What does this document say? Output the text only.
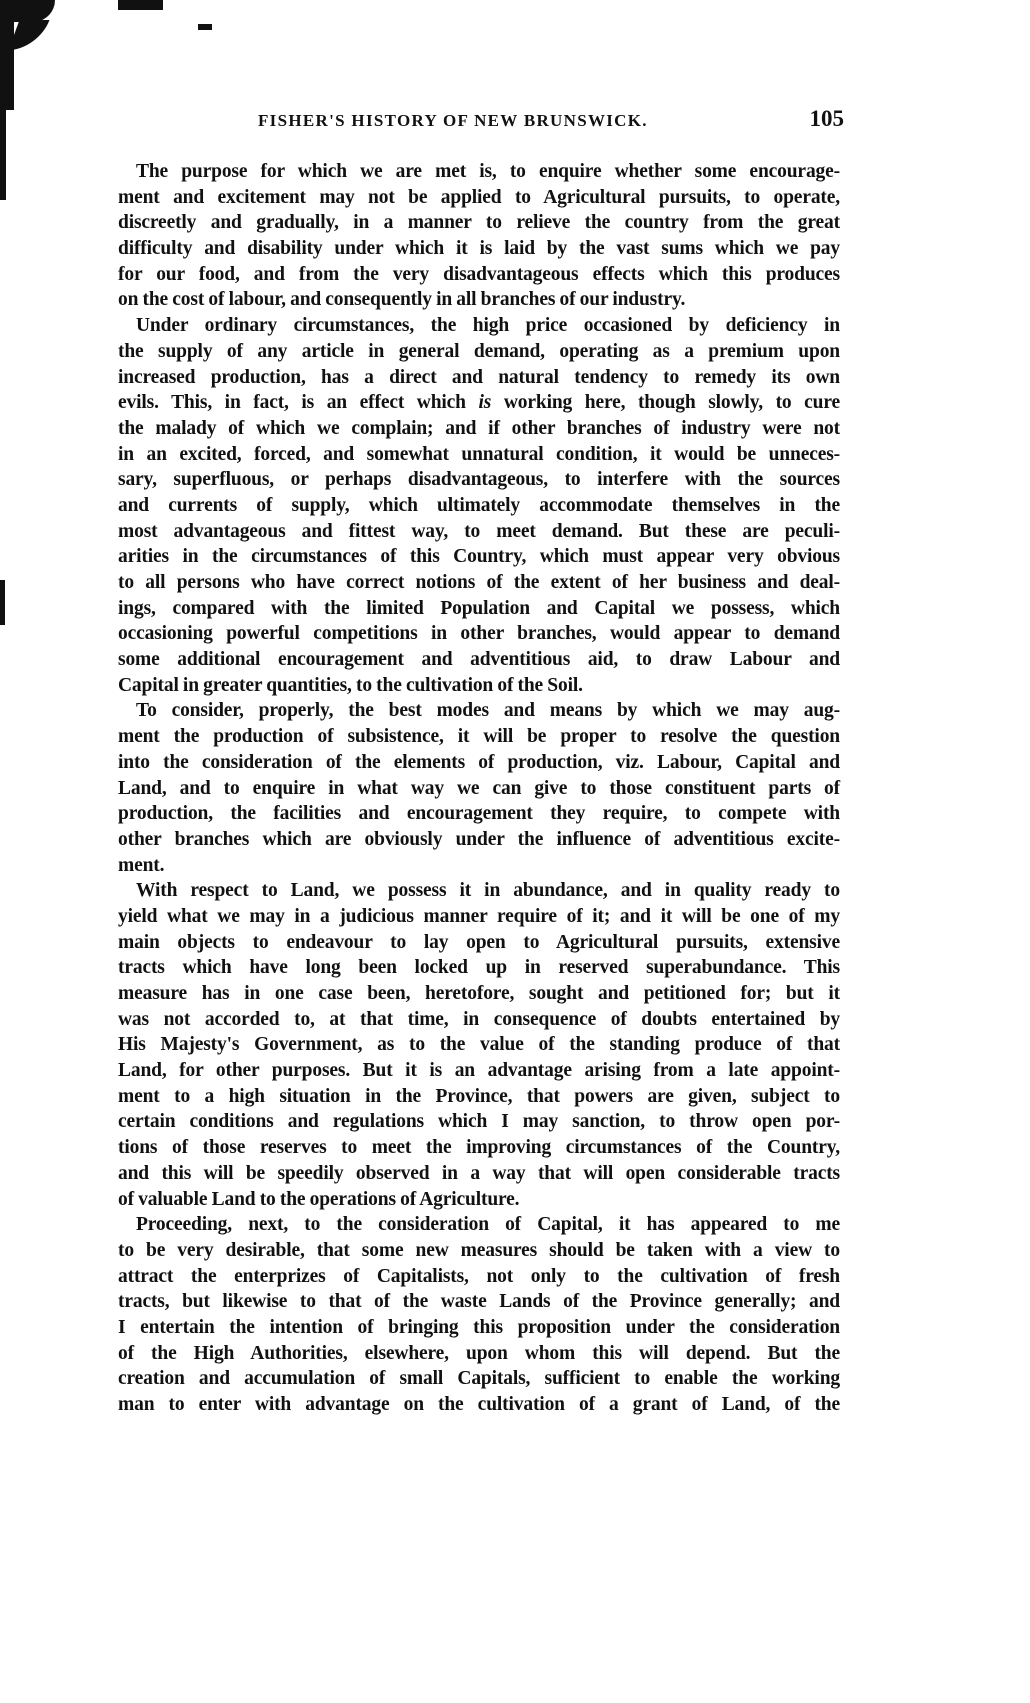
FISHER'S HISTORY OF NEW BRUNSWICK.	105
The purpose for which we are met is, to enquire whether some encourage-
ment and excitement may not be applied to Agricultural pursuits, to operate,
discreetly and gradually, in a manner to relieve the country from the great
difficulty and disability under which it is laid by the vast sums which we pay
for our food, and from the very disadvantageous effects which this produces
on the cost of labour, and consequently in all branches of our industry.
Under ordinary circumstances, the high price occasioned by deficiency in
the supply of any article in general demand, operating as a premium upon
increased production, has a direct and natural tendency to remedy its own
evils. This, in fact, is an effect which is working here, though slowly, to cure
the malady of which we complain; and if other branches of industry were not
in an excited, forced, and somewhat unnatural condition, it would be unneces-
sary, superfluous, or perhaps disadvantageous, to interfere with the sources
and currents of supply, which ultimately accommodate themselves in the
most advantageous and fittest way, to meet demand. But these are peculi-
arities in the circumstances of this Country, which must appear very obvious
to all persons who have correct notions of the extent of her business and deal-
ings, compared with the limited Population and Capital we possess, which
occasioning powerful competitions in other branches, would appear to demand
some additional encouragement and adventitious aid, to draw Labour and
Capital in greater quantities, to the cultivation of the Soil.
To consider, properly, the best modes and means by which we may aug-
ment the production of subsistence, it will be proper to resolve the question
into the consideration of the elements of production, viz. Labour, Capital and
Land, and to enquire in what way we can give to those constituent parts of
production, the facilities and encouragement they require, to compete with
other branches which are obviously under the influence of adventitious excite-
ment.
With respect to Land, we possess it in abundance, and in quality ready to
yield what we may in a judicious manner require of it; and it will be one of my
main objects to endeavour to lay open to Agricultural pursuits, extensive
tracts which have long been locked up in reserved superabundance. This
measure has in one case been, heretofore, sought and petitioned for; but it
was not accorded to, at that time, in consequence of doubts entertained by
His Majesty's Government, as to the value of the standing produce of that
Land, for other purposes. But it is an advantage arising from a late appoint-
ment to a high situation in the Province, that powers are given, subject to
certain conditions and regulations which I may sanction, to throw open por-
tions of those reserves to meet the improving circumstances of the Country,
and this will be speedily observed in a way that will open considerable tracts
of valuable Land to the operations of Agriculture.
Proceeding, next, to the consideration of Capital, it has appeared to me
to be very desirable, that some new measures should be taken with a view to
attract the enterprizes of Capitalists, not only to the cultivation of fresh
tracts, but likewise to that of the waste Lands of the Province generally; and
I entertain the intention of bringing this proposition under the consideration
of the High Authorities, elsewhere, upon whom this will depend. But the
creation and accumulation of small Capitals, sufficient to enable the working
man to enter with advantage on the cultivation of a grant of Land, of the
